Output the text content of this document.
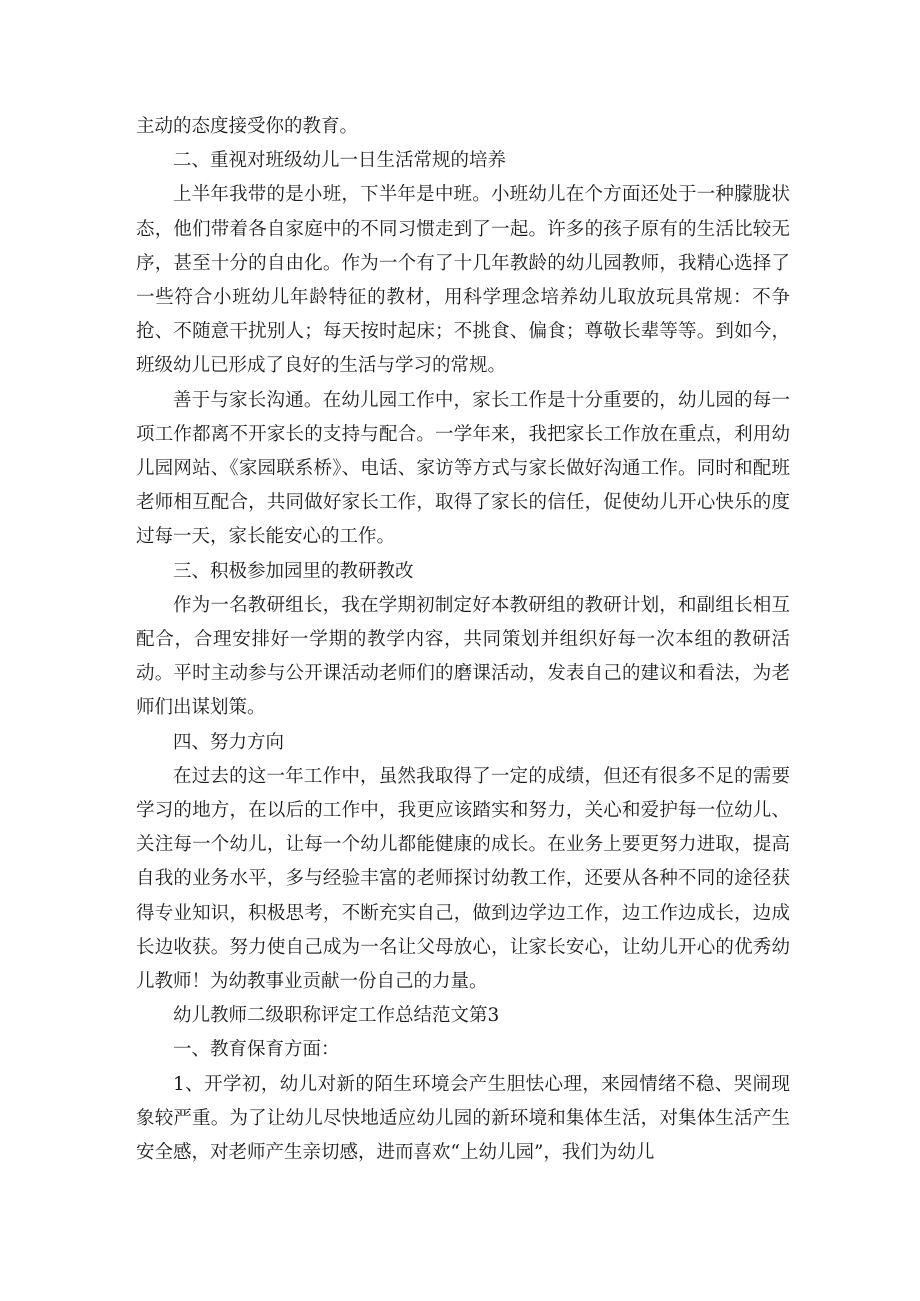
主动的态度接受你的教育。

二、重视对班级幼儿一日生活常规的培养

上半年我带的是小班，下半年是中班。小班幼儿在个方面还处于一种朦胧状态，他们带着各自家庭中的不同习惯走到了一起。许多的孩子原有的生活比较无序，甚至十分的自由化。作为一个有了十几年教龄的幼儿园教师，我精心选择了一些符合小班幼儿年龄特征的教材，用科学理念培养幼儿取放玩具常规：不争抢、不随意干扰别人；每天按时起床；不挑食、偏食；尊敬长辈等等。到如今，班级幼儿已形成了良好的生活与学习的常规。

善于与家长沟通。在幼儿园工作中，家长工作是十分重要的，幼儿园的每一项工作都离不开家长的支持与配合。一学年来，我把家长工作放在重点，利用幼儿园网站、《家园联系桥》、电话、家访等方式与家长做好沟通工作。同时和配班老师相互配合，共同做好家长工作，取得了家长的信任，促使幼儿开心快乐的度过每一天，家长能安心的工作。

三、积极参加园里的教研教改

作为一名教研组长，我在学期初制定好本教研组的教研计划，和副组长相互配合，合理安排好一学期的教学内容，共同策划并组织好每一次本组的教研活动。平时主动参与公开课活动老师们的磨课活动，发表自己的建议和看法，为老师们出谋划策。

四、努力方向

在过去的这一年工作中，虽然我取得了一定的成绩，但还有很多不足的需要学习的地方，在以后的工作中，我更应该踏实和努力，关心和爱护每一位幼儿、关注每一个幼儿，让每一个幼儿都能健康的成长。在业务上要更努力进取，提高自我的业务水平，多与经验丰富的老师探讨幼教工作，还要从各种不同的途径获得专业知识，积极思考，不断充实自己，做到边学边工作，边工作边成长，边成长边收获。努力使自己成为一名让父母放心，让家长安心，让幼儿开心的优秀幼儿教师！为幼教事业贡献一份自己的力量。

幼儿教师二级职称评定工作总结范文第3

一、教育保育方面：

1、开学初，幼儿对新的陌生环境会产生胆怯心理，来园情绪不稳、哭闹现象较严重。为了让幼儿尽快地适应幼儿园的新环境和集体生活，对集体生活产生安全感，对老师产生亲切感，进而喜欢“上幼儿园”，我们为幼儿
